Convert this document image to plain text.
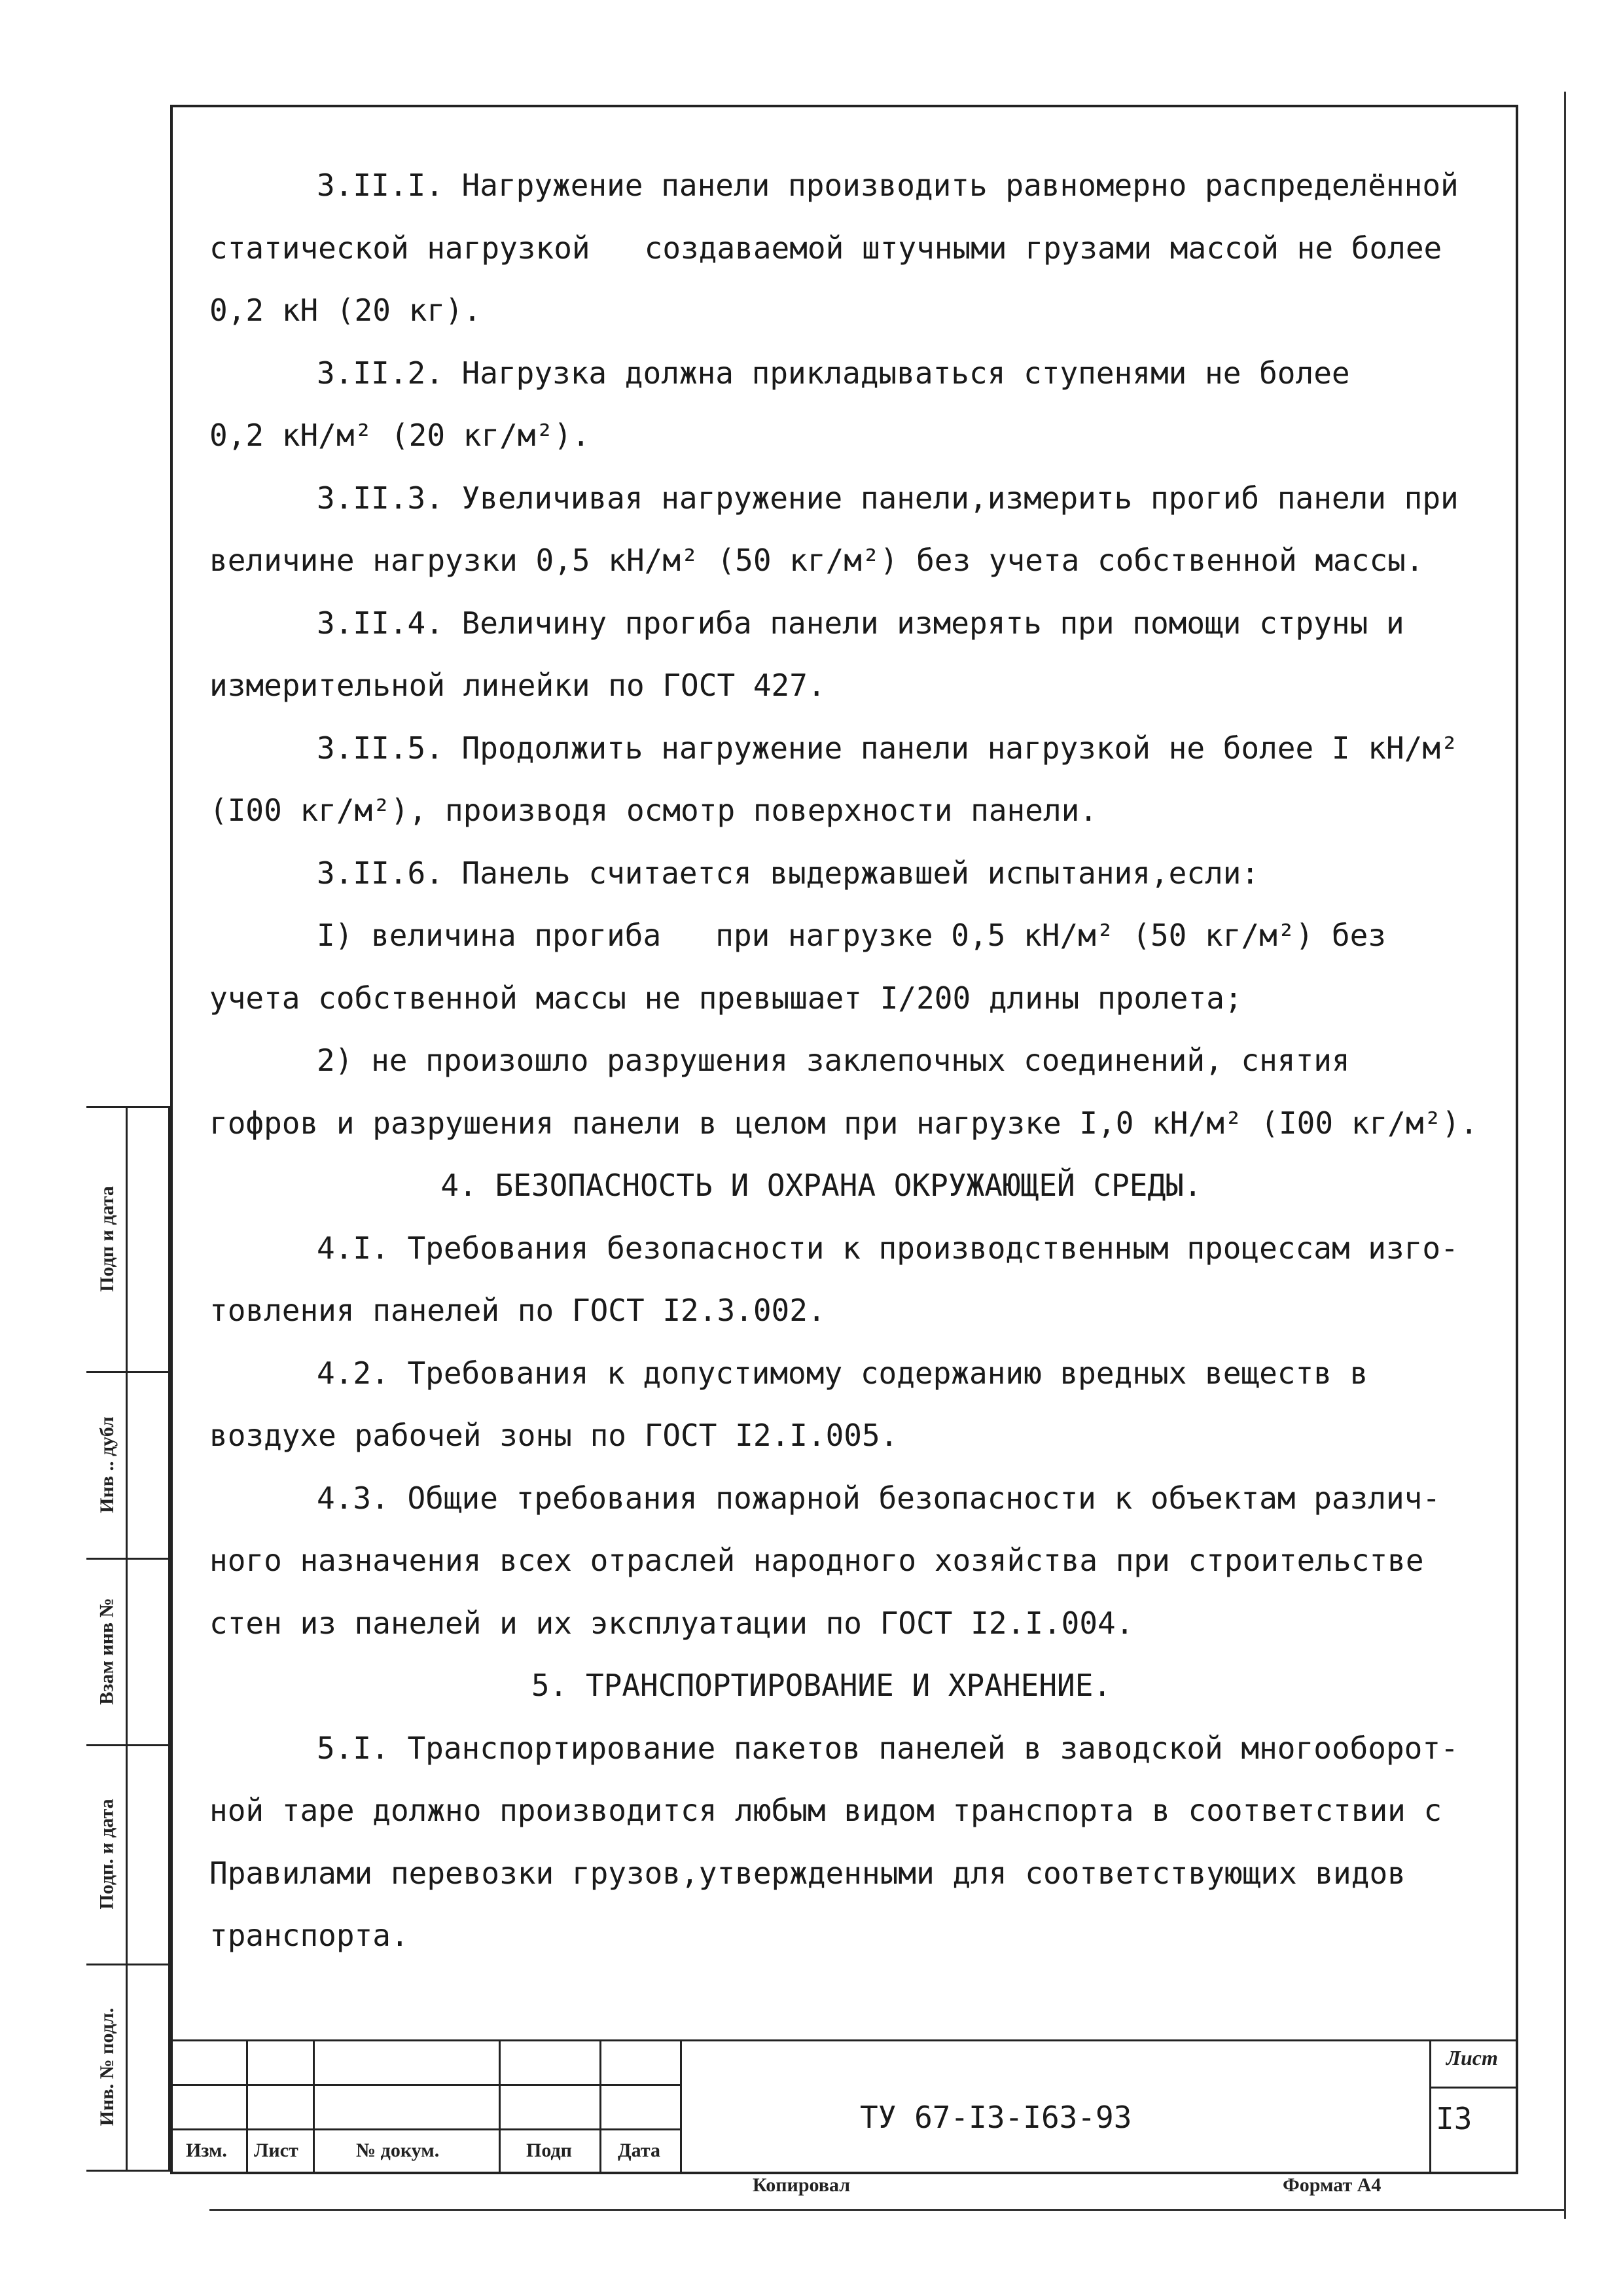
3.II.I. Нагружение панели производить равномерно распределённой
статической нагрузкой   создаваемой штучными грузами массой не более
0,2 кН (20 кг).
3.II.2. Нагрузка должна прикладываться ступенями не более
0,2 кН/м² (20 кг/м²).
3.II.3. Увеличивая нагружение панели,измерить прогиб панели при
величине нагрузки 0,5 кН/м² (50 кг/м²) без учета собственной массы.
3.II.4. Величину прогиба панели измерять при помощи струны и
измерительной линейки по ГОСТ 427.
3.II.5. Продолжить нагружение панели нагрузкой не более I кН/м²
(I00 кг/м²), производя осмотр поверхности панели.
3.II.6. Панель считается выдержавшей испытания,если:
I) величина прогиба   при нагрузке 0,5 кН/м² (50 кг/м²) без
учета собственной массы не превышает I/200 длины пролета;
2) не произошло разрушения заклепочных соединений, снятия
гофров и разрушения панели в целом при нагрузке I,0 кН/м² (I00 кг/м²).
4. БЕЗОПАСНОСТЬ И ОХРАНА ОКРУЖАЮЩЕЙ СРЕДЫ.
4.I. Требования безопасности к производственным процессам изго-
товления панелей по ГОСТ I2.3.002.
4.2. Требования к допустимому содержанию вредных веществ в
воздухе рабочей зоны по ГОСТ I2.I.005.
4.3. Общие требования пожарной безопасности к объектам различ-
ного назначения всех отраслей народного хозяйства при строительстве
стен из панелей и их эксплуатации по ГОСТ I2.I.004.
5. ТРАНСПОРТИРОВАНИЕ И ХРАНЕНИЕ.
5.I. Транспортирование пакетов панелей в заводской многооборот-
ной таре должно производится любым видом транспорта в соответствии с
Правилами перевозки грузов,утвержденными для соответствующих видов
транспорта.
Подп и дата
Инв .. дубл
Взам инв №
Подп. и дата
Инв. № подл.
Изм. Лист	№ докум.	Подп Дата
ТУ 67-I3-I63-93
Лист
I3
Копировал	Формат А4
